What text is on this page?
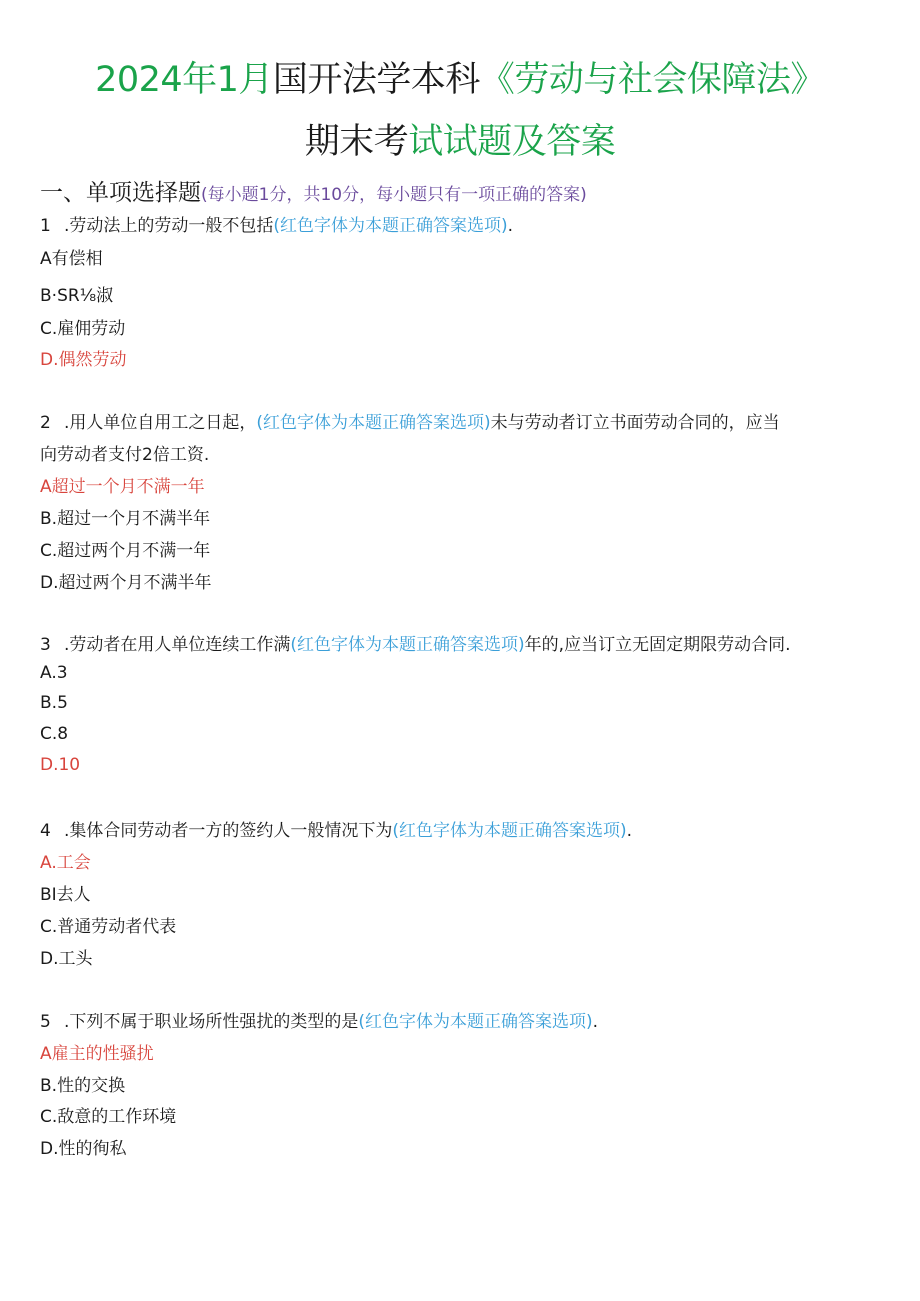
2024年1月国开法学本科《劳动与社会保障法》
期末考试试题及答案
一、单项选择题(每小题1分，共10分，每小题只有一项正确的答案)
1 .劳动法上的劳动一般不包括(红色字体为本题正确答案选项).
A有偿相
B·SR⅛淑
C.雇佣劳动
D.偶然劳动
2 .用人单位自用工之日起，(红色字体为本题正确答案选项)未与劳动者订立书面劳动合同的，应当
向劳动者支付2倍工资.
A超过一个月不满一年
B.超过一个月不满半年
C.超过两个月不满一年
D.超过两个月不满半年
3 .劳动者在用人单位连续工作满(红色字体为本题正确答案选项)年的,应当订立无固定期限劳动合同.
A.3
B.5
C.8
D.10
4 .集体合同劳动者一方的签约人一般情况下为(红色字体为本题正确答案选项).
A.工会
BI去人
C.普通劳动者代表
D.工头
5 .下列不属于职业场所性强扰的类型的是(红色字体为本题正确答案选项).
A雇主的性骚扰
B.性的交换
C.敌意的工作环境
D.性的徇私
